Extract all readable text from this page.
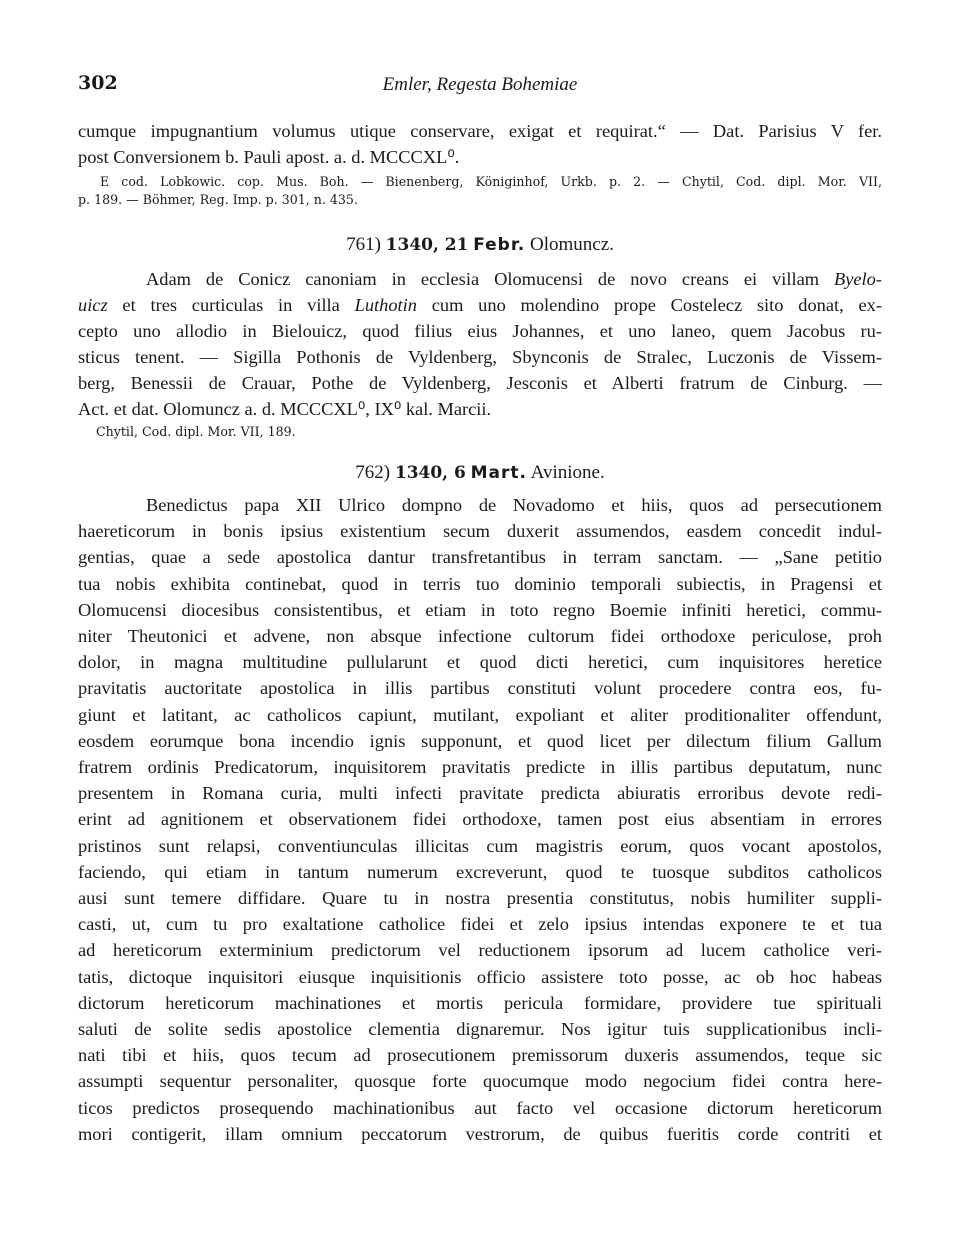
302	Emler, Regesta Bohemiae
cumque impugnantium volumus utique conservare, exigat et requirat.“ — Dat. Parisius V fer.
post Conversionem b. Pauli apost. a. d. MCCCXL⁰.
E cod. Lobkowic. cop. Mus. Boh. — Bienenberg, Königinhof, Urkb. p. 2. — Chytil, Cod. dipl. Mor. VII,
p. 189. — Böhmer, Reg. Imp. p. 301, n. 435.
761) 1340, 21 Febr. Olomuncz.
Adam de Conicz canoniam in ecclesia Olomucensi de novo creans ei villam Byelo-
uicz et tres curticulas in villa Luthotin cum uno molendino prope Costelecz sito donat, ex-
cepto uno allodio in Bielouicz, quod filius eius Johannes, et uno laneo, quem Jacobus ru-
sticus tenent. — Sigilla Pothonis de Vyldenberg, Sbynconis de Stralec, Luczonis de Vissem-
berg, Benessii de Crauar, Pothe de Vyldenberg, Jesconis et Alberti fratrum de Cinburg. —
Act. et dat. Olomuncz a. d. MCCCXL⁰, IX⁰ kal. Marcii.
Chytil, Cod. dipl. Mor. VII, 189.
762) 1340, 6 Mart. Avinione.
Benedictus papa XII Ulrico dompno de Novadomo et hiis, quos ad persecutionem
haereticorum in bonis ipsius existentium secum duxerit assumendos, easdem concedit indul-
gentias, quae a sede apostolica dantur transfretantibus in terram sanctam. — „Sane petitio
tua nobis exhibita continebat, quod in terris tuo dominio temporali subiectis, in Pragensi et
Olomucensi diocesibus consistentibus, et etiam in toto regno Boemie infiniti heretici, commu-
niter Theutonici et advene, non absque infectione cultorum fidei orthodoxe periculose, proh
dolor, in magna multitudine pullularunt et quod dicti heretici, cum inquisitores heretice
pravitatis auctoritate apostolica in illis partibus constituti volunt procedere contra eos, fu-
giunt et latitant, ac catholicos capiunt, mutilant, expoliant et aliter proditionaliter offendunt,
eosdem eorumque bona incendio ignis supponunt, et quod licet per dilectum filium Gallum
fratrem ordinis Predicatorum, inquisitorem pravitatis predicte in illis partibus deputatum, nunc
presentem in Romana curia, multi infecti pravitate predicta abiuratis erroribus devote redi-
erint ad agnitionem et observationem fidei orthodoxe, tamen post eius absentiam in errores
pristinos sunt relapsi, conventiunculas illicitas cum magistris eorum, quos vocant apostolos,
faciendo, qui etiam in tantum numerum excreverunt, quod te tuosque subditos catholicos
ausi sunt temere diffidare. Quare tu in nostra presentia constitutus, nobis humiliter suppli-
casti, ut, cum tu pro exaltatione catholice fidei et zelo ipsius intendas exponere te et tua
ad hereticorum exterminium predictorum vel reductionem ipsorum ad lucem catholice veri-
tatis, dictoque inquisitori eiusque inquisitionis officio assistere toto posse, ac ob hoc habeas
dictorum hereticorum machinationes et mortis pericula formidare, providere tue spirituali
saluti de solite sedis apostolice clementia dignaremur. Nos igitur tuis supplicationibus incli-
nati tibi et hiis, quos tecum ad prosecutionem premissorum duxeris assumendos, teque sic
assumpti sequentur personaliter, quosque forte quocumque modo negocium fidei contra here-
ticos predictos prosequendo machinationibus aut facto vel occasione dictorum hereticorum
mori contigerit, illam omnium peccatorum vestrorum, de quibus fueritis corde contriti et
